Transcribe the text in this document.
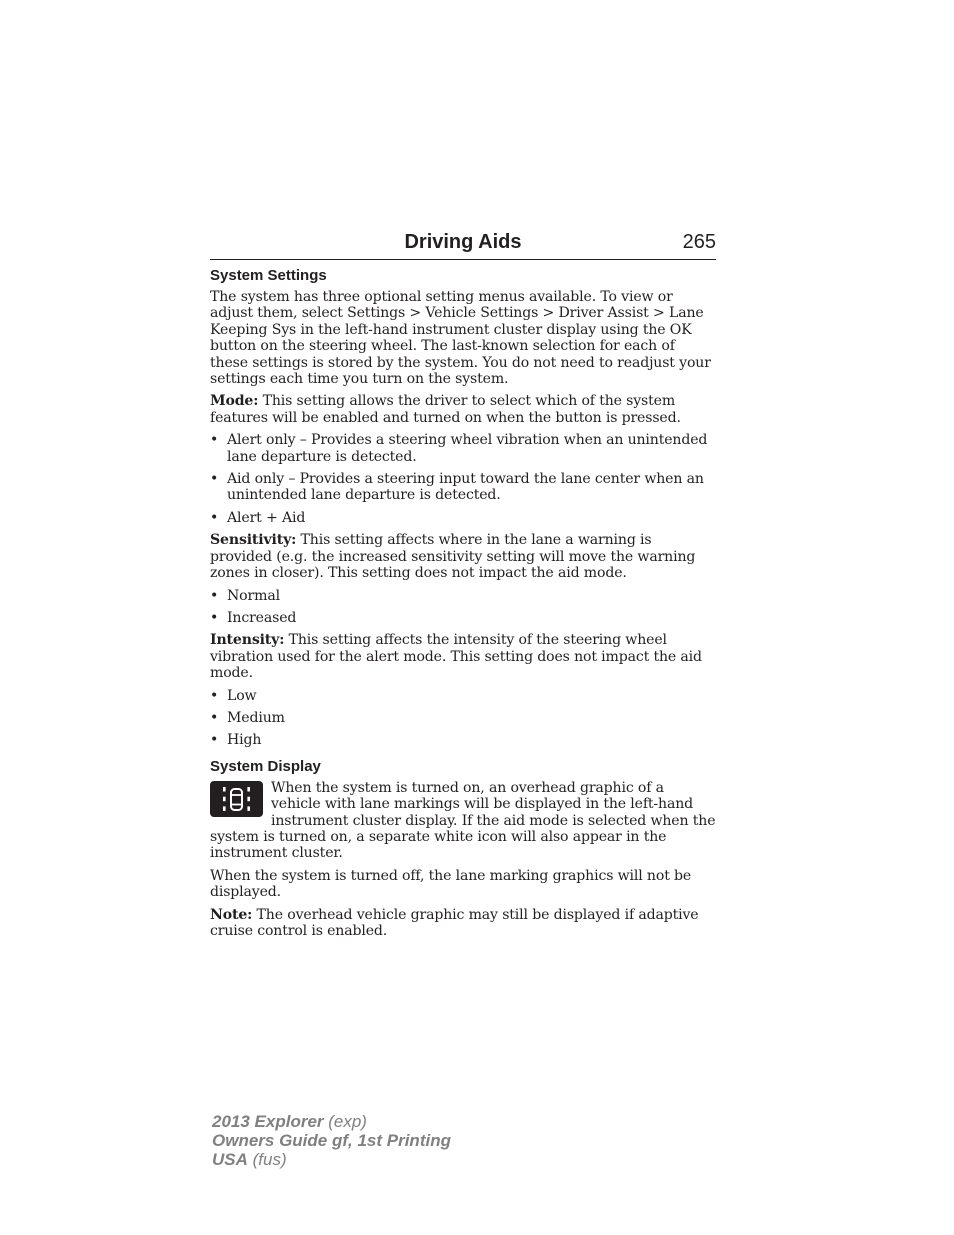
Driving Aids	265
System Settings

The system has three optional setting menus available. To view or adjust them, select Settings > Vehicle Settings > Driver Assist > Lane Keeping Sys in the left-hand instrument cluster display using the OK button on the steering wheel. The last-known selection for each of these settings is stored by the system. You do not need to readjust your settings each time you turn on the system.

Mode: This setting allows the driver to select which of the system features will be enabled and turned on when the button is pressed.

• Alert only – Provides a steering wheel vibration when an unintended lane departure is detected.
• Aid only – Provides a steering input toward the lane center when an unintended lane departure is detected.
• Alert + Aid

Sensitivity: This setting affects where in the lane a warning is provided (e.g. the increased sensitivity setting will move the warning zones in closer). This setting does not impact the aid mode.

• Normal
• Increased

Intensity: This setting affects the intensity of the steering wheel vibration used for the alert mode. This setting does not impact the aid mode.

• Low
• Medium
• High
System Display

When the system is turned on, an overhead graphic of a vehicle with lane markings will be displayed in the left-hand instrument cluster display. If the aid mode is selected when the system is turned on, a separate white icon will also appear in the instrument cluster.

When the system is turned off, the lane marking graphics will not be displayed.

Note: The overhead vehicle graphic may still be displayed if adaptive cruise control is enabled.

2013 Explorer (exp)
Owners Guide gf, 1st Printing
USA (fus)
